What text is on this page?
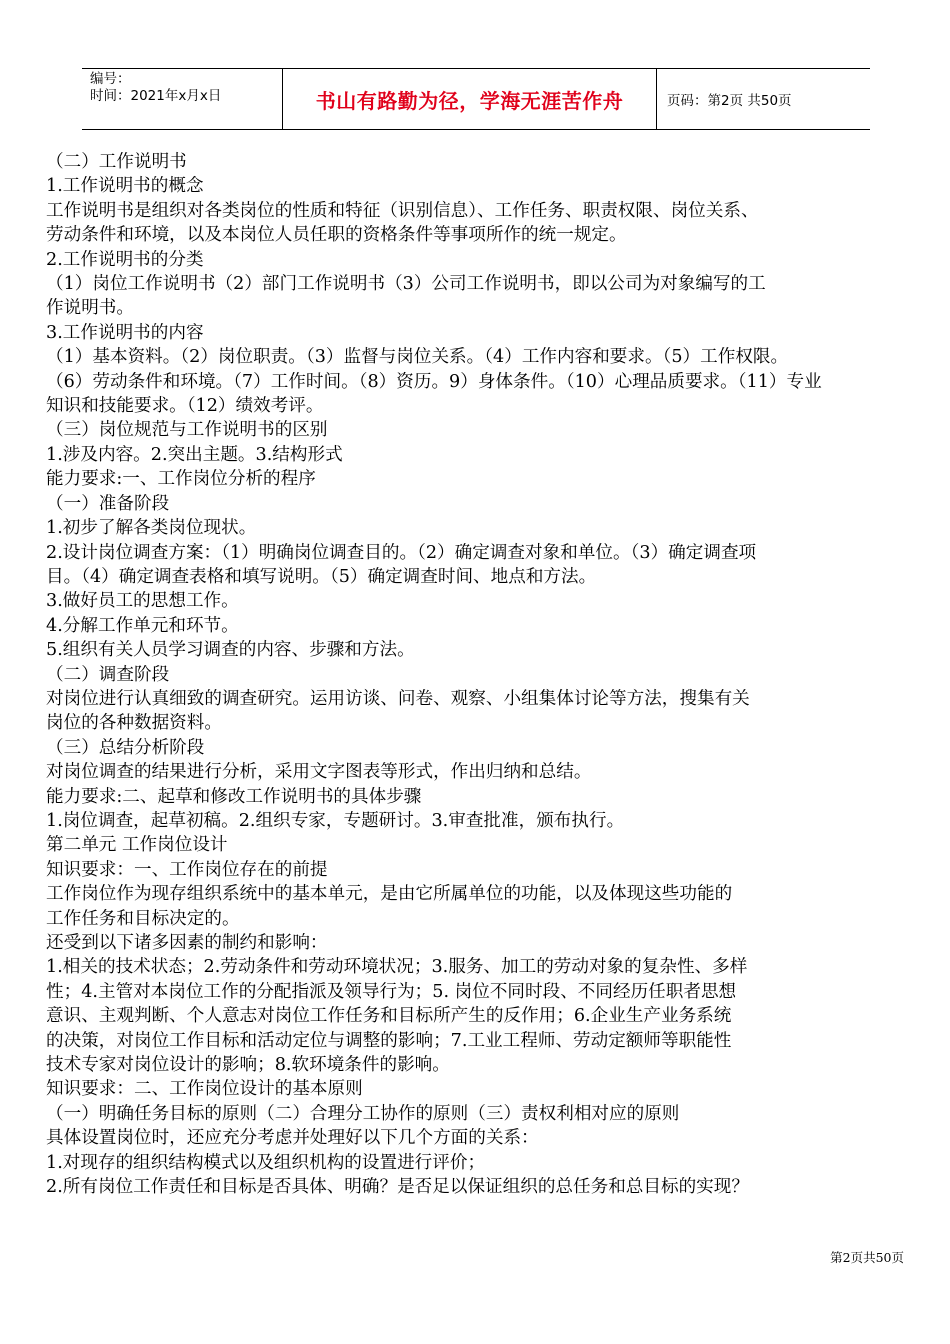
编号：
时间：2021年x月x日	书山有路勤为径，学海无涯苦作舟	页码：第2页 共50页

（二）工作说明书

1.工作说明书的概念

工作说明书是组织对各类岗位的性质和特征（识别信息）、工作任务、职责权限、岗位关系、

劳动条件和环境，以及本岗位人员任职的资格条件等事项所作的统一规定。

2.工作说明书的分类

（1）岗位工作说明书（2）部门工作说明书（3）公司工作说明书，即以公司为对象编写的工

作说明书。

3.工作说明书的内容

（1）基本资料。（2）岗位职责。（3）监督与岗位关系。（4）工作内容和要求。（5）工作权限。

（6）劳动条件和环境。（7）工作时间。（8）资历。9）身体条件。（10）心理品质要求。（11）专业

知识和技能要求。（12）绩效考评。

（三）岗位规范与工作说明书的区别

1.涉及内容。2.突出主题。3.结构形式

能力要求:一、工作岗位分析的程序

（一）准备阶段

1.初步了解各类岗位现状。

2.设计岗位调查方案：（1）明确岗位调查目的。（2）确定调查对象和单位。（3）确定调查项

目。（4）确定调查表格和填写说明。（5）确定调查时间、地点和方法。

3.做好员工的思想工作。

4.分解工作单元和环节。

5.组织有关人员学习调查的内容、步骤和方法。

（二）调查阶段

对岗位进行认真细致的调查研究。运用访谈、问卷、观察、小组集体讨论等方法，搜集有关

岗位的各种数据资料。

（三）总结分析阶段

对岗位调查的结果进行分析，采用文字图表等形式，作出归纳和总结。

能力要求:二、起草和修改工作说明书的具体步骤

1.岗位调查，起草初稿。2.组织专家，专题研讨。3.审查批准，颁布执行。

第二单元 工作岗位设计

知识要求：一、工作岗位存在的前提

工作岗位作为现存组织系统中的基本单元，是由它所属单位的功能，以及体现这些功能的

工作任务和目标决定的。

还受到以下诸多因素的制约和影响：

1.相关的技术状态；2.劳动条件和劳动环境状况；3.服务、加工的劳动对象的复杂性、多样

性；4.主管对本岗位工作的分配指派及领导行为；5. 岗位不同时段、不同经历任职者思想

意识、主观判断、个人意志对岗位工作任务和目标所产生的反作用；6.企业生产业务系统

的决策，对岗位工作目标和活动定位与调整的影响；7.工业工程师、劳动定额师等职能性

技术专家对岗位设计的影响；8.软环境条件的影响。

知识要求：二、工作岗位设计的基本原则

（一）明确任务目标的原则（二）合理分工协作的原则（三）责权利相对应的原则

具体设置岗位时，还应充分考虑并处理好以下几个方面的关系：

1.对现存的组织结构模式以及组织机构的设置进行评价；

2.所有岗位工作责任和目标是否具体、明确？是否足以保证组织的总任务和总目标的实现？

第2页共50页
